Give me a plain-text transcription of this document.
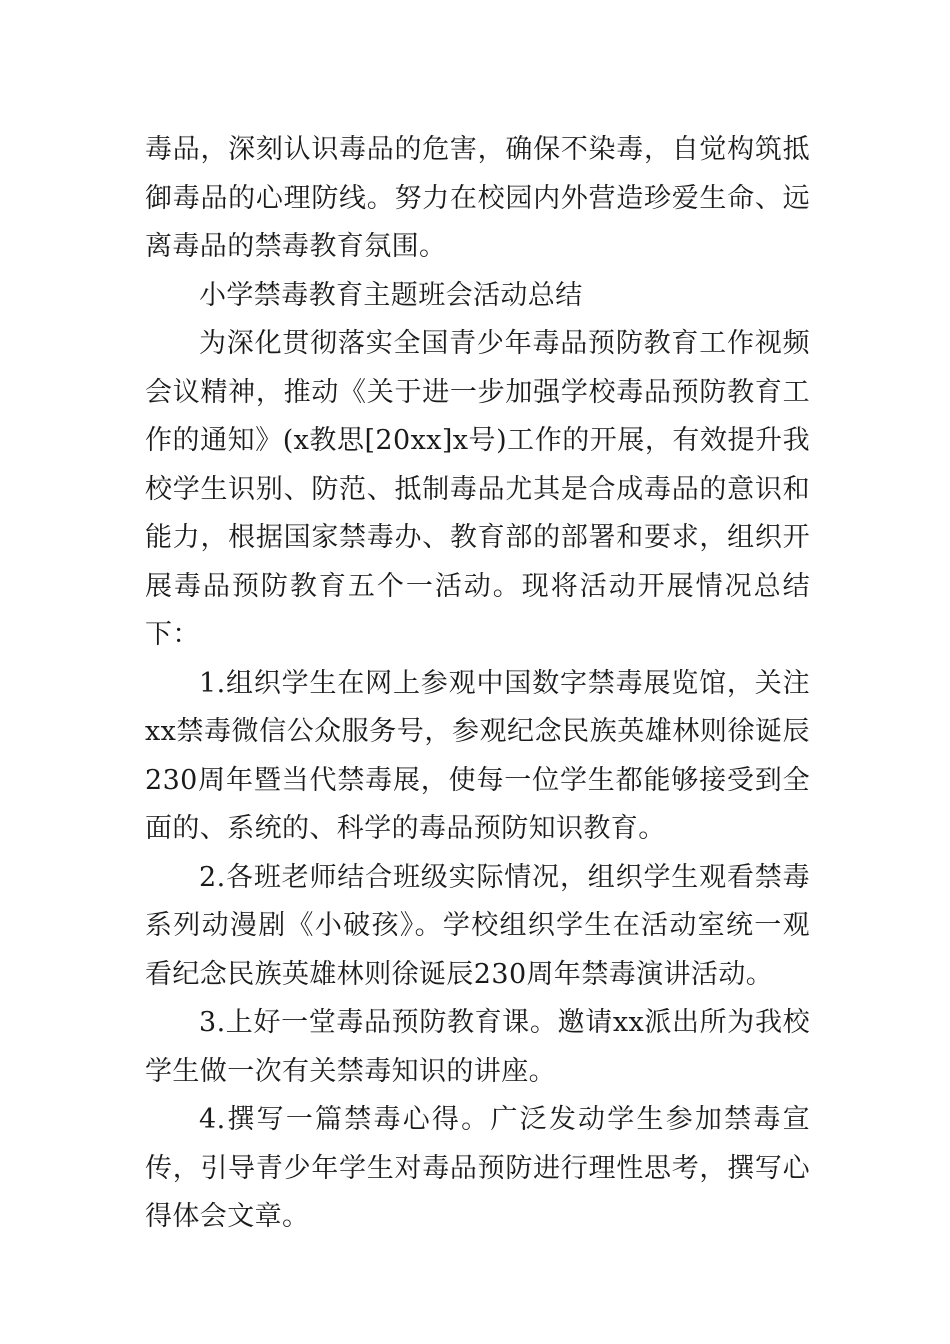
毒品，深刻认识毒品的危害，确保不染毒，自觉构筑抵御毒品的心理防线。努力在校园内外营造珍爱生命、远离毒品的禁毒教育氛围。

小学禁毒教育主题班会活动总结

为深化贯彻落实全国青少年毒品预防教育工作视频会议精神，推动《关于进一步加强学校毒品预防教育工作的通知》(x教思[20xx]x号)工作的开展，有效提升我校学生识别、防范、抵制毒品尤其是合成毒品的意识和能力，根据国家禁毒办、教育部的部署和要求，组织开展毒品预防教育五个一活动。现将活动开展情况总结下：

1.组织学生在网上参观中国数字禁毒展览馆，关注xx禁毒微信公众服务号，参观纪念民族英雄林则徐诞辰230周年暨当代禁毒展，使每一位学生都能够接受到全面的、系统的、科学的毒品预防知识教育。

2.各班老师结合班级实际情况，组织学生观看禁毒系列动漫剧《小破孩》。学校组织学生在活动室统一观看纪念民族英雄林则徐诞辰230周年禁毒演讲活动。

3.上好一堂毒品预防教育课。邀请xx派出所为我校学生做一次有关禁毒知识的讲座。

4.撰写一篇禁毒心得。广泛发动学生参加禁毒宣传，引导青少年学生对毒品预防进行理性思考，撰写心得体会文章。
